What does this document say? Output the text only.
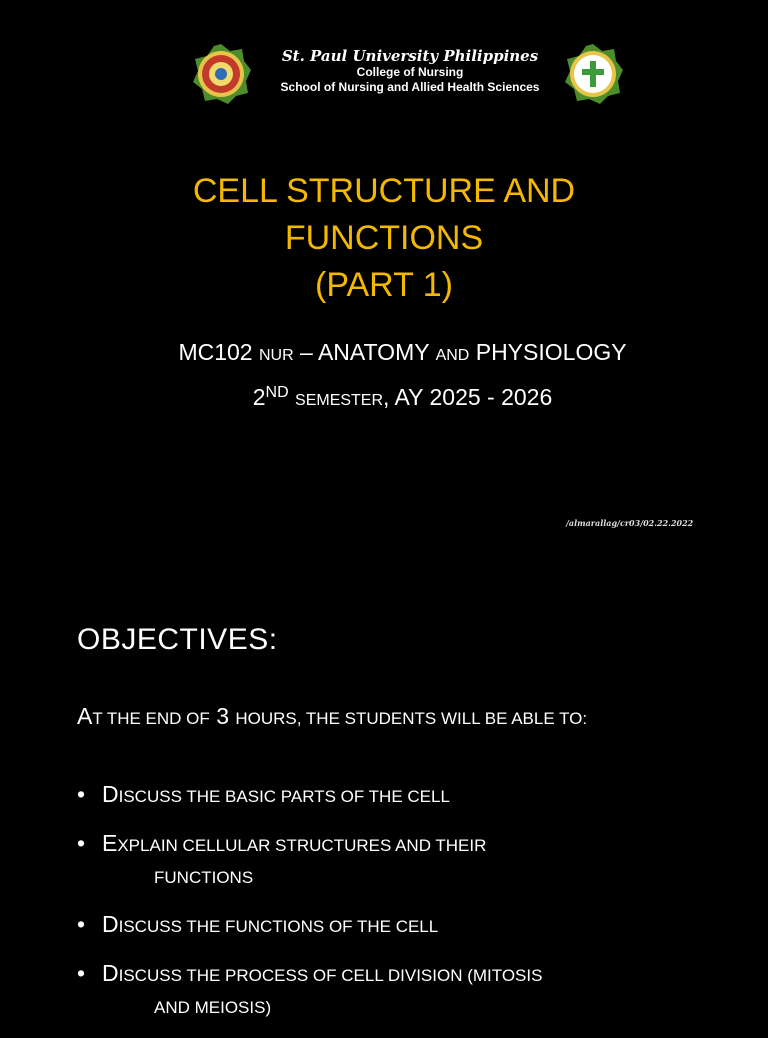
St. Paul University Philippines
College of Nursing
School of Nursing and Allied Health Sciences
CELL STRUCTURE AND
FUNCTIONS
(PART 1)
MC102 NUR – ANATOMY AND PHYSIOLOGY
2ND SEMESTER, AY 2025 - 2026
/almarallag/cr03/02.22.2022
OBJECTIVES:
AT THE END OF 3 HOURS, THE STUDENTS WILL BE ABLE TO:
• DISCUSS THE BASIC PARTS OF THE CELL
• EXPLAIN CELLULAR STRUCTURES AND THEIR
FUNCTIONS
• DISCUSS THE FUNCTIONS OF THE CELL
• DISCUSS THE PROCESS OF CELL DIVISION (MITOSIS
AND MEIOSIS)
